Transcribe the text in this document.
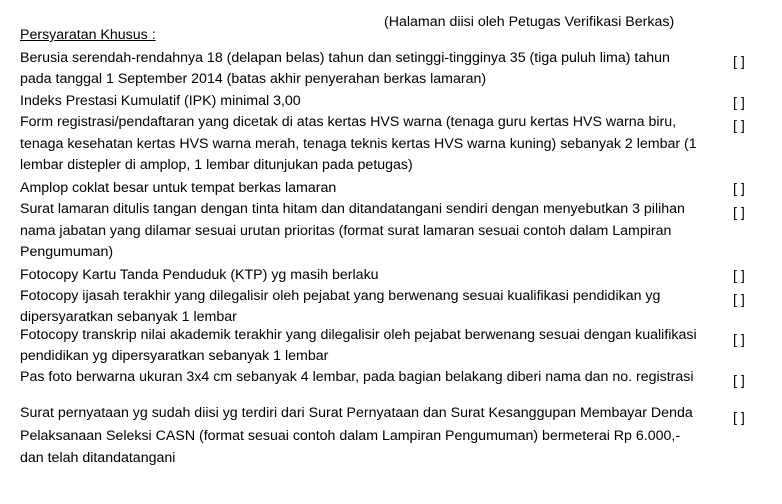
Persyaratan Khusus :
(Halaman diisi oleh Petugas Verifikasi Berkas)
Berusia serendah-rendahnya 18 (delapan belas) tahun dan setinggi-tingginya 35 (tiga puluh lima) tahun
pada tanggal 1 September 2014 (batas akhir penyerahan berkas lamaran)
[ ]
Indeks Prestasi Kumulatif (IPK) minimal 3,00	[ ]
Form registrasi/pendaftaran yang dicetak di atas kertas HVS warna (tenaga guru kertas HVS warna biru,
tenaga kesehatan kertas HVS warna merah, tenaga teknis kertas HVS warna kuning) sebanyak 2 lembar (1
lembar distepler di amplop, 1 lembar ditunjukan pada petugas)
[ ]
Amplop coklat besar untuk tempat berkas lamaran	[ ]
Surat lamaran ditulis tangan dengan tinta hitam dan ditandatangani sendiri dengan menyebutkan 3 pilihan
nama jabatan yang dilamar sesuai urutan prioritas (format surat lamaran sesuai contoh dalam Lampiran
Pengumuman)
[ ]
Fotocopy Kartu Tanda Penduduk (KTP) yg masih berlaku	[ ]
Fotocopy ijasah terakhir yang dilegalisir oleh pejabat yang berwenang sesuai kualifikasi pendidikan yg
dipersyaratkan sebanyak 1 lembar
[ ]
Fotocopy transkrip nilai akademik terakhir yang dilegalisir oleh pejabat berwenang sesuai dengan kualifikasi
pendidikan yg dipersyaratkan sebanyak 1 lembar
[ ]
Pas foto berwarna ukuran 3x4 cm sebanyak 4 lembar, pada bagian belakang diberi nama dan no. registrasi	[ ]
Surat pernyataan yg sudah diisi yg terdiri dari Surat Pernyataan dan Surat Kesanggupan Membayar Denda
Pelaksanaan Seleksi CASN (format sesuai contoh dalam Lampiran Pengumuman) bermeterai Rp 6.000,-
dan telah ditandatangani
[ ]
